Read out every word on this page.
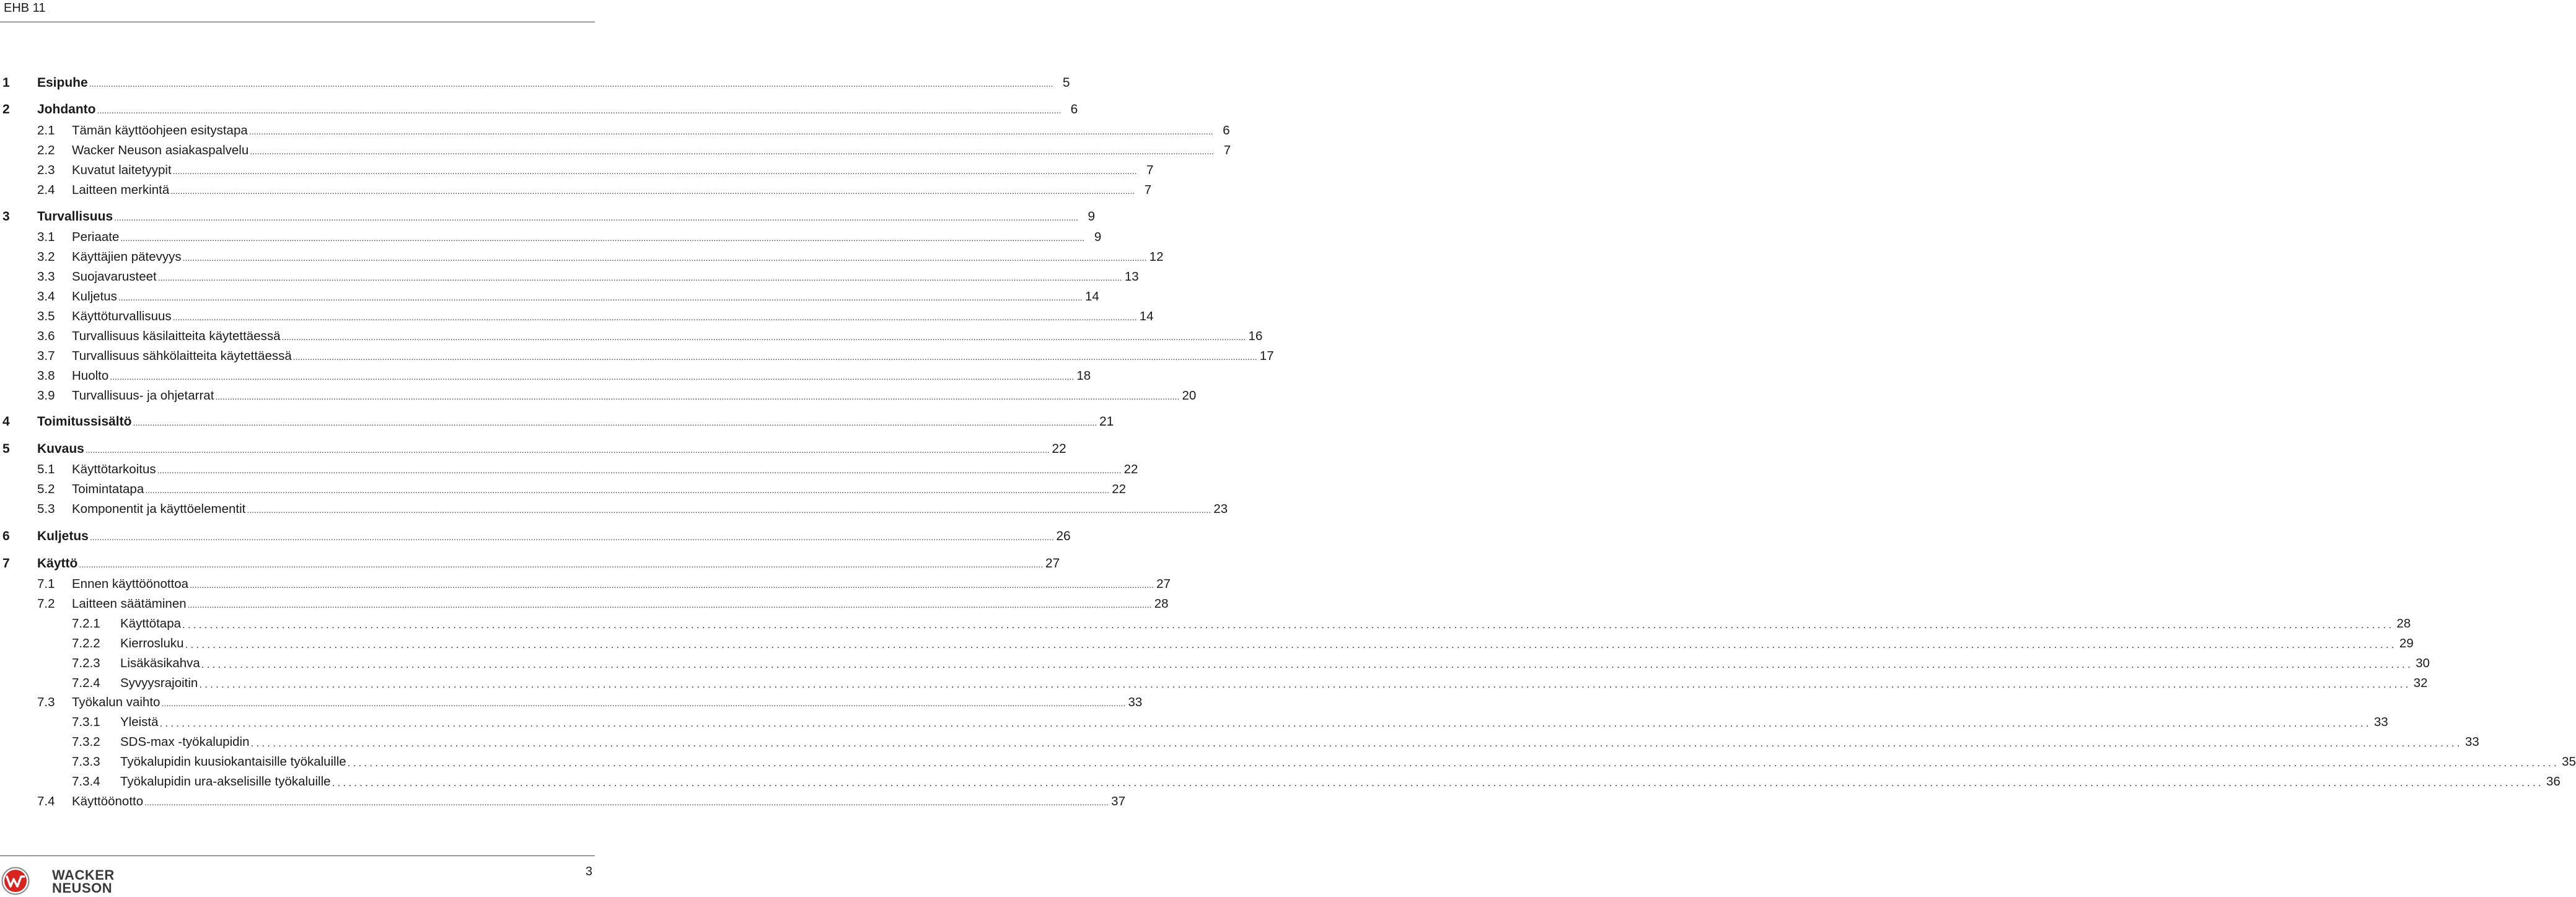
EHB 11
1 Esipuhe ................................................................................................................................................................................................................................................................................................................................................................................................................ 5
2 Johdanto ................................................................................................................................................................................................................................................................................................................................................................................................................ 6
2.1 Tämän käyttöohjeen esitystapa ................................................................................................................................................................................................................................................................................................................................................................................................................ 6
2.2 Wacker Neuson asiakaspalvelu ................................................................................................................................................................................................................................................................................................................................................................................................................ 7
2.3 Kuvatut laitetyypit ................................................................................................................................................................................................................................................................................................................................................................................................................ 7
2.4 Laitteen merkintä ................................................................................................................................................................................................................................................................................................................................................................................................................ 7
3 Turvallisuus ................................................................................................................................................................................................................................................................................................................................................................................................................ 9
3.1 Periaate ................................................................................................................................................................................................................................................................................................................................................................................................................ 9
3.2 Käyttäjien pätevyys ................................................................................................................................................................................................................................................................................................................................................................................................................ 12
3.3 Suojavarusteet ................................................................................................................................................................................................................................................................................................................................................................................................................ 13
3.4 Kuljetus ................................................................................................................................................................................................................................................................................................................................................................................................................ 14
3.5 Käyttöturvallisuus ................................................................................................................................................................................................................................................................................................................................................................................................................ 14
3.6 Turvallisuus käsilaitteita käytettäessä ................................................................................................................................................................................................................................................................................................................................................................................................................ 16
3.7 Turvallisuus sähkölaitteita käytettäessä ................................................................................................................................................................................................................................................................................................................................................................................................................ 17
3.8 Huolto ................................................................................................................................................................................................................................................................................................................................................................................................................ 18
3.9 Turvallisuus- ja ohjetarrat ................................................................................................................................................................................................................................................................................................................................................................................................................ 20
4 Toimitussisältö ................................................................................................................................................................................................................................................................................................................................................................................................................ 21
5 Kuvaus ................................................................................................................................................................................................................................................................................................................................................................................................................ 22
5.1 Käyttötarkoitus ................................................................................................................................................................................................................................................................................................................................................................................................................ 22
5.2 Toimintatapa ................................................................................................................................................................................................................................................................................................................................................................................................................ 22
5.3 Komponentit ja käyttöelementit ................................................................................................................................................................................................................................................................................................................................................................................................................ 23
6 Kuljetus ................................................................................................................................................................................................................................................................................................................................................................................................................ 26
7 Käyttö ................................................................................................................................................................................................................................................................................................................................................................................................................ 27
7.1 Ennen käyttöönottoa ................................................................................................................................................................................................................................................................................................................................................................................................................ 27
7.2 Laitteen säätäminen ................................................................................................................................................................................................................................................................................................................................................................................................................ 28
7.2.1 Käyttötapa ................................................................................................................................................................................................................................................................................................................................................................................................................ 28
7.2.2 Kierrosluku ................................................................................................................................................................................................................................................................................................................................................................................................................ 29
7.2.3 Lisäkäsikahva ................................................................................................................................................................................................................................................................................................................................................................................................................ 30
7.2.4 Syvyysrajoitin ................................................................................................................................................................................................................................................................................................................................................................................................................ 32
7.3 Työkalun vaihto ................................................................................................................................................................................................................................................................................................................................................................................................................ 33
7.3.1 Yleistä ................................................................................................................................................................................................................................................................................................................................................................................................................ 33
7.3.2 SDS-max -työkalupidin ................................................................................................................................................................................................................................................................................................................................................................................................................ 33
7.3.3 Työkalupidin kuusiokantaisille työkaluille ................................................................................................................................................................................................................................................................................................................................................................................................................ 35
7.3.4 Työkalupidin ura-akselisille työkaluille ................................................................................................................................................................................................................................................................................................................................................................................................................ 36
7.4 Käyttöönotto ................................................................................................................................................................................................................................................................................................................................................................................................................ 37
WACKER
NEUSON
3
